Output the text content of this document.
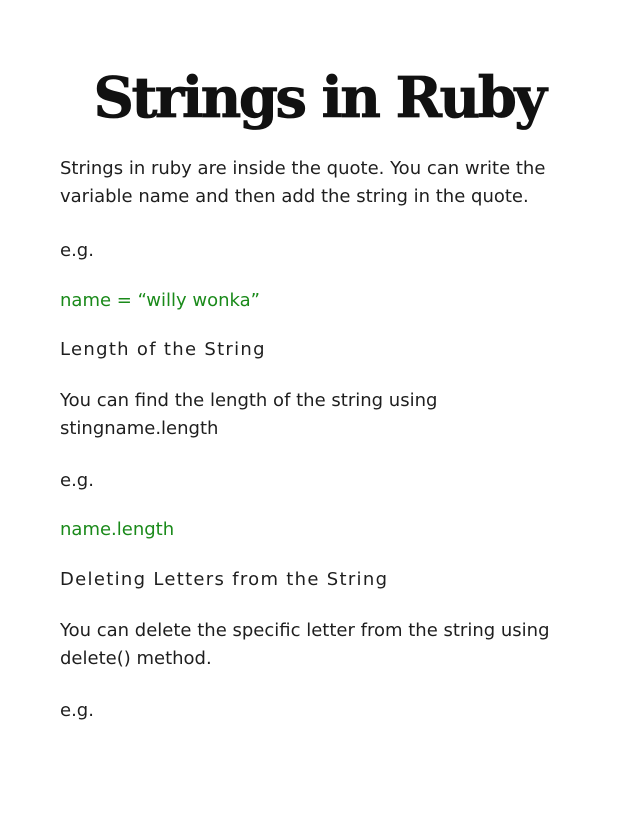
Strings in Ruby

Strings in ruby are inside the quote. You can write the

variable name and then add the string in the quote.

e.g.

name = “willy wonka”

Length of the String

You can find the length of the string using

stingname.length

e.g.

name.length

Deleting Letters from the String

You can delete the specific letter from the string using

delete() method.

e.g.
